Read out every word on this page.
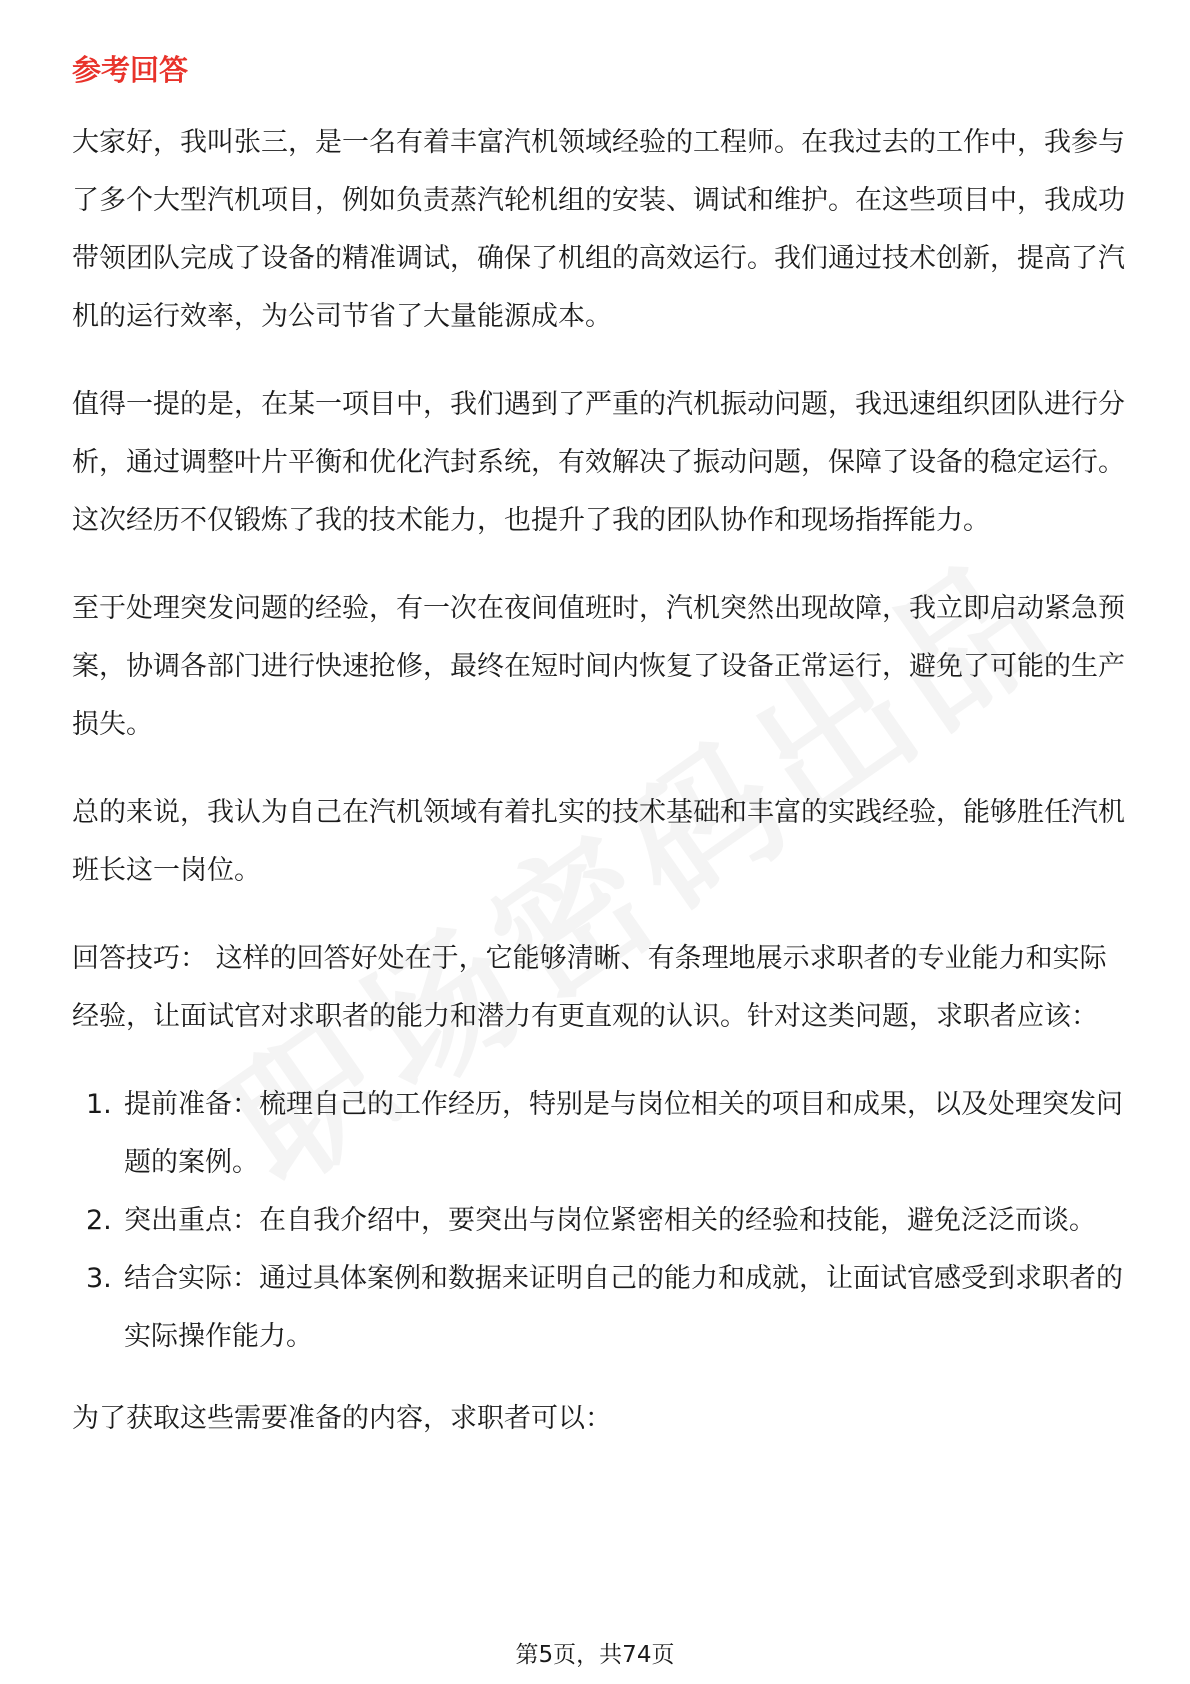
参考回答

大家好，我叫张三，是一名有着丰富汽机领域经验的工程师。在我过去的工作中，我参与了多个大型汽机项目，例如负责蒸汽轮机组的安装、调试和维护。在这些项目中，我成功带领团队完成了设备的精准调试，确保了机组的高效运行。我们通过技术创新，提高了汽机的运行效率，为公司节省了大量能源成本。

值得一提的是，在某一项目中，我们遇到了严重的汽机振动问题，我迅速组织团队进行分析，通过调整叶片平衡和优化汽封系统，有效解决了振动问题，保障了设备的稳定运行。这次经历不仅锻炼了我的技术能力，也提升了我的团队协作和现场指挥能力。

至于处理突发问题的经验，有一次在夜间值班时，汽机突然出现故障，我立即启动紧急预案，协调各部门进行快速抢修，最终在短时间内恢复了设备正常运行，避免了可能的生产损失。

总的来说，我认为自己在汽机领域有着扎实的技术基础和丰富的实践经验，能够胜任汽机班长这一岗位。

回答技巧： 这样的回答好处在于，它能够清晰、有条理地展示求职者的专业能力和实际经验，让面试官对求职者的能力和潜力有更直观的认识。针对这类问题，求职者应该：

1. 提前准备：梳理自己的工作经历，特别是与岗位相关的项目和成果，以及处理突发问题的案例。
2. 突出重点：在自我介绍中，要突出与岗位紧密相关的经验和技能，避免泛泛而谈。
3. 结合实际：通过具体案例和数据来证明自己的能力和成就，让面试官感受到求职者的实际操作能力。

为了获取这些需要准备的内容，求职者可以：

第5页，共74页
